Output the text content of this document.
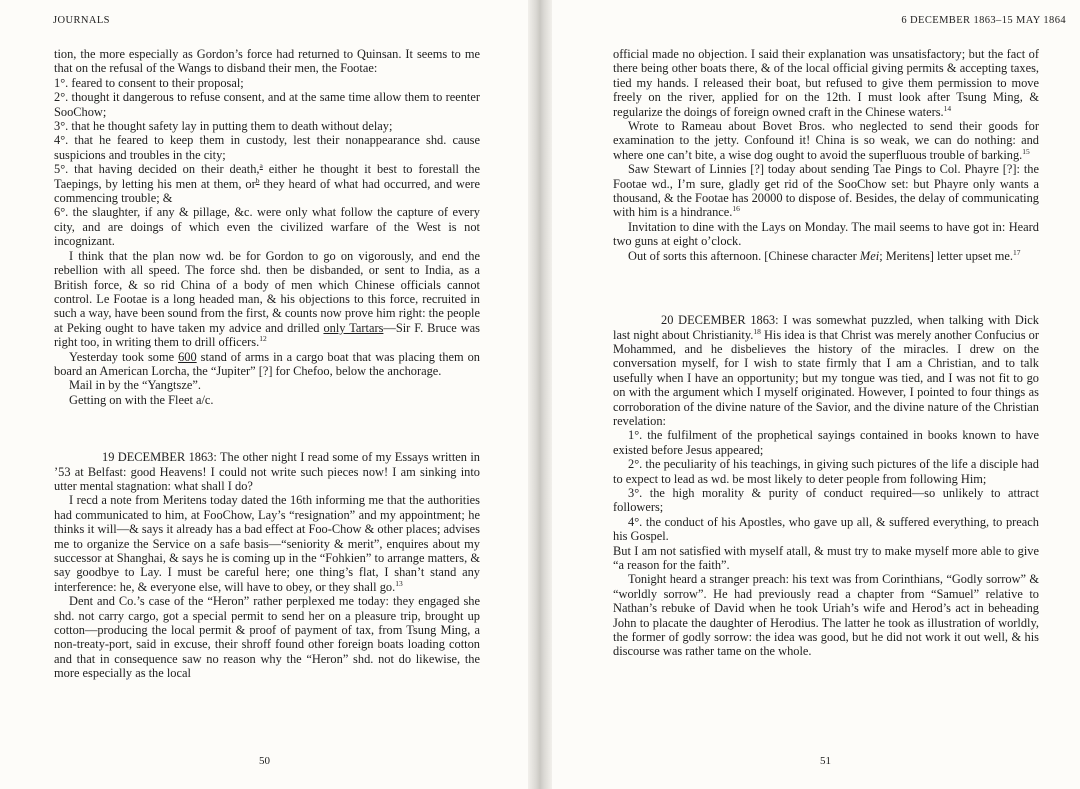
JOURNALS

tion, the more especially as Gordon’s force had returned to Quinsan. It seems to me that on the refusal of the Wangs to disband their men, the Footae:

1°. feared to consent to their proposal;

2°. thought it dangerous to refuse consent, and at the same time allow them to reenter SooChow;

3°. that he thought safety lay in putting them to death without delay;

4°. that he feared to keep them in custody, lest their nonappearance shd. cause suspicions and troubles in the city;

5°. that having decided on their death,$^a$ either he thought it best to forestall the Taepings, by letting his men at them, $or^b$ they heard of what had occurred, and were commencing trouble; &

6°. the slaughter, if any & pillage, &c. were only what follow the capture of every city, and are doings of which even the civilized warfare of the West is not incognizant.

I think that the plan now wd. be for Gordon to go on vigorously, and end the rebellion with all speed. The force shd. then be disbanded, or sent to India, as a British force, & so rid China of a body of men which Chinese officials cannot control. Le Footae is a long headed man, & his objections to this force, recruited in such a way, have been sound from the first, & counts now prove him right: the people at Peking ought to have taken my advice and drilled only Tartars—Sir F. Bruce was right too, in writing them to drill officers.$^{12}$

Yesterday took some 600 stand of arms in a cargo boat that was placing them on board an American Lorcha, the “Jupiter” [?] for Chefoo, below the anchorage.

Mail in by the “Yangtsze”.

Getting on with the Fleet a/c.

19 DECEMBER 1863: The other night I read some of my Essays written in ’53 at Belfast: good Heavens! I could not write such pieces now! I am sinking into utter mental stagnation: what shall I do?

I recd a note from Meritens today dated the 16th informing me that the authorities had communicated to him, at FooChow, Lay’s “resignation” and my appointment; he thinks it will—& says it already has a bad effect at Foo-Chow & other places; advises me to organize the Service on a safe basis—“seniority & merit”, enquires about my successor at Shanghai, & says he is coming up in the “Fohkien” to arrange matters, & say goodbye to Lay. I must be careful here; one thing’s flat, I shan’t stand any interference: he, & everyone else, will have to obey, or they shall go.$^{13}$

Dent and Co.’s case of the “Heron” rather perplexed me today: they engaged she shd. not carry cargo, got a special permit to send her on a pleasure trip, brought up cotton—producing the local permit & proof of payment of tax, from Tsung Ming, a non-treaty-port, said in excuse, their shroff found other foreign boats loading cotton and that in consequence saw no reason why the “Heron” shd. not do likewise, the more especially as the local

50
6 DECEMBER 1863–15 MAY 1864

official made no objection. I said their explanation was unsatisfactory; but the fact of there being other boats there, & of the local official giving permits & accepting taxes, tied my hands. I released their boat, but refused to give them permission to move freely on the river, applied for on the 12th. I must look after Tsung Ming, & regularize the doings of foreign owned craft in the Chinese waters.$^{14}$

Wrote to Rameau about Bovet Bros. who neglected to send their goods for examination to the jetty. Confound it! China is so weak, we can do nothing: and where one can’t bite, a wise dog ought to avoid the superfluous trouble of barking.$^{15}$

Saw Stewart of Linnies [?] today about sending Tae Pings to Col. Phayre [?]: the Footae wd., I’m sure, gladly get rid of the SooChow set: but Phayre only wants a thousand, & the Footae has 20000 to dispose of. Besides, the delay of communicating with him is a hindrance.$^{16}$

Invitation to dine with the Lays on Monday. The mail seems to have got in: Heard two guns at eight o’clock.

Out of sorts this afternoon. [Chinese character Mei; Meritens] letter upset me.$^{17}$

20 DECEMBER 1863: I was somewhat puzzled, when talking with Dick last night about Christianity.$^{18}$ His idea is that Christ was merely another Confucius or Mohammed, and he disbelieves the history of the miracles. I drew on the conversation myself, for I wish to state firmly that I am a Christian, and to talk usefully when I have an opportunity; but my tongue was tied, and I was not fit to go on with the argument which I myself originated. However, I pointed to four things as corroboration of the divine nature of the Savior, and the divine nature of the Christian revelation:

1°. the fulfilment of the prophetical sayings contained in books known to have existed before Jesus appeared;

2°. the peculiarity of his teachings, in giving such pictures of the life a disciple had to expect to lead as wd. be most likely to deter people from following Him;

3°. the high morality & purity of conduct required—so unlikely to attract followers;

4°. the conduct of his Apostles, who gave up all, & suffered everything, to preach his Gospel.

But I am not satisfied with myself atall, & must try to make myself more able to give “a reason for the faith”.

Tonight heard a stranger preach: his text was from Corinthians, “Godly sorrow” & “worldly sorrow”. He had previously read a chapter from “Samuel” relative to Nathan’s rebuke of David when he took Uriah’s wife and Herod’s act in beheading John to placate the daughter of Herodius. The latter he took as illustration of worldly, the former of godly sorrow: the idea was good, but he did not work it out well, & his discourse was rather tame on the whole.

51
